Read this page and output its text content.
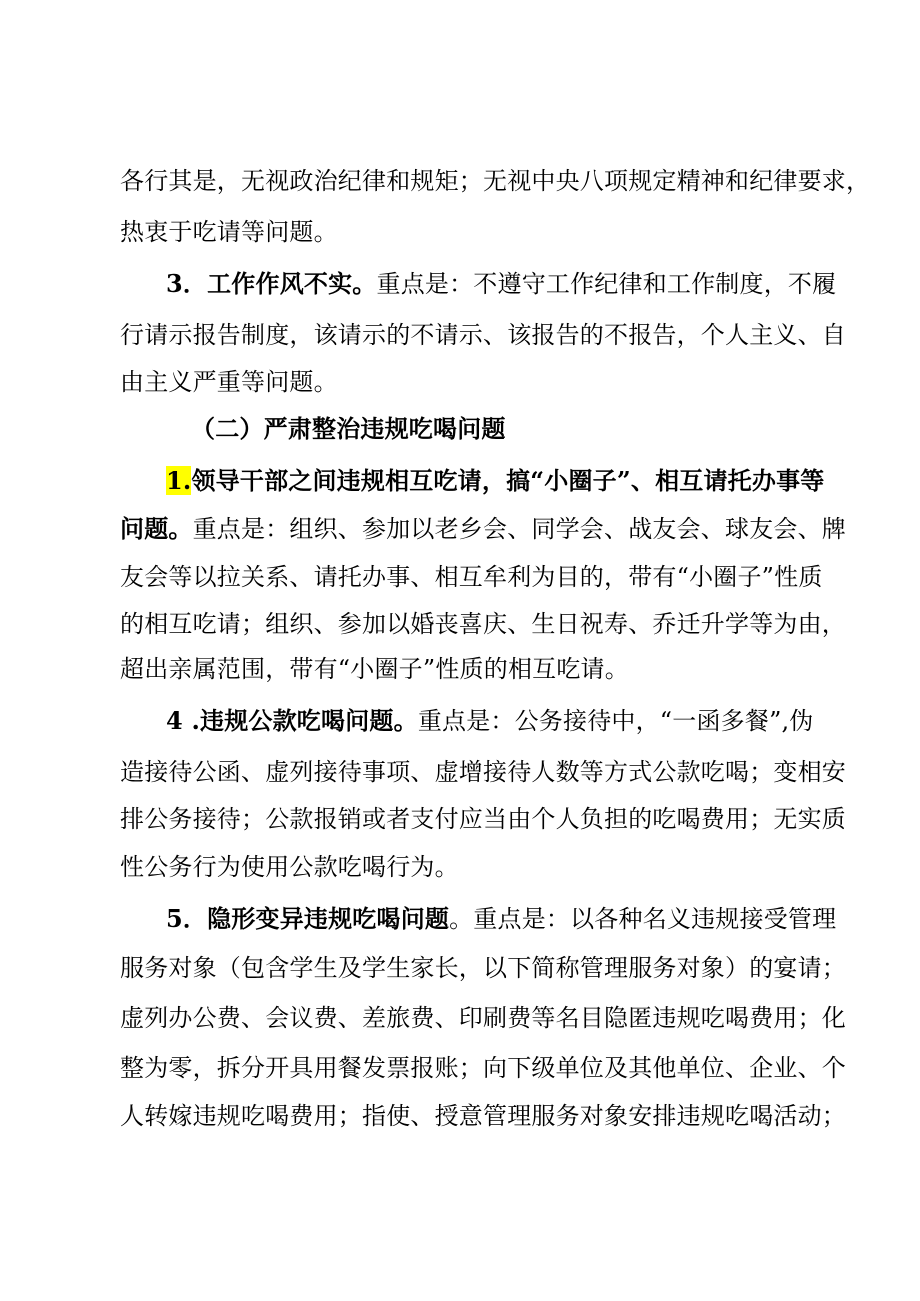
各行其是，无视政治纪律和规矩；无视中央八项规定精神和纪律要求，
热衷于吃请等问题。
3．工作作风不实。重点是：不遵守工作纪律和工作制度，不履
行请示报告制度，该请示的不请示、该报告的不报告，个人主义、自
由主义严重等问题。
（二）严肃整治违规吃喝问题
1.领导干部之间违规相互吃请，搞“小圈子”、相互请托办事等
问题。重点是：组织、参加以老乡会、同学会、战友会、球友会、牌
友会等以拉关系、请托办事、相互牟利为目的，带有“小圈子”性质
的相互吃请；组织、参加以婚丧喜庆、生日祝寿、乔迁升学等为由，
超出亲属范围，带有“小圈子”性质的相互吃请。
4 .违规公款吃喝问题。重点是：公务接待中，“一函多餐”,伪
造接待公函、虚列接待事项、虚增接待人数等方式公款吃喝；变相安
排公务接待；公款报销或者支付应当由个人负担的吃喝费用；无实质
性公务行为使用公款吃喝行为。
5．隐形变异违规吃喝问题。重点是：以各种名义违规接受管理
服务对象（包含学生及学生家长，以下简称管理服务对象）的宴请；
虚列办公费、会议费、差旅费、印刷费等名目隐匿违规吃喝费用；化
整为零，拆分开具用餐发票报账；向下级单位及其他单位、企业、个
人转嫁违规吃喝费用；指使、授意管理服务对象安排违规吃喝活动；
